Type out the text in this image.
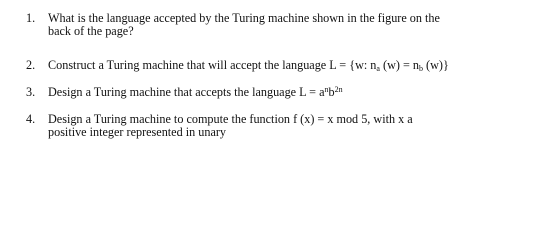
1. What is the language accepted by the Turing machine shown in the figure on the
back of the page?
2. Construct a Turing machine that will accept the language L = {w: $n_a$ $(w) = n_b$ (w)}
3. Design a Turing machine that accepts the language $L = a^nb^{2n}$
4. Design a Turing machine to compute the function f (x) = x mod 5, with x a
positive integer represented in unary
